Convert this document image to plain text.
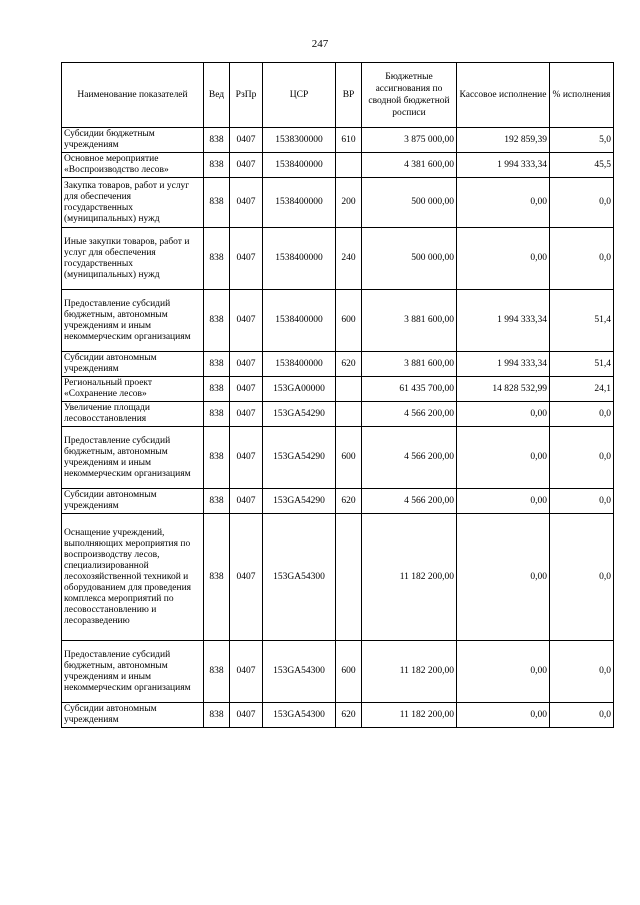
247
Наименование показателей	Вед	РзПр	ЦСР	ВР	Бюджетные ассигнования по сводной бюджетной росписи	Кассовое исполнение	% исполнения
Субсидии бюджетным учреждениям	838	0407	1538300000	610	3 875 000,00	192 859,39	5,0
Основное мероприятие «Воспроизводство лесов»	838	0407	1538400000		4 381 600,00	1 994 333,34	45,5
Закупка товаров, работ и услуг для обеспечения государственных (муниципальных) нужд	838	0407	1538400000	200	500 000,00	0,00	0,0
Иные закупки товаров, работ и услуг для обеспечения государственных (муниципальных) нужд	838	0407	1538400000	240	500 000,00	0,00	0,0
Предоставление субсидий бюджетным, автономным учреждениям и иным некоммерческим организациям	838	0407	1538400000	600	3 881 600,00	1 994 333,34	51,4
Субсидии автономным учреждениям	838	0407	1538400000	620	3 881 600,00	1 994 333,34	51,4
Региональный проект «Сохранение лесов»	838	0407	153GA00000		61 435 700,00	14 828 532,99	24,1
Увеличение площади лесовосстановления	838	0407	153GA54290		4 566 200,00	0,00	0,0
Предоставление субсидий бюджетным, автономным учреждениям и иным некоммерческим организациям	838	0407	153GA54290	600	4 566 200,00	0,00	0,0
Субсидии автономным учреждениям	838	0407	153GA54290	620	4 566 200,00	0,00	0,0
Оснащение учреждений, выполняющих мероприятия по воспроизводству лесов, специализированной лесохозяйственной техникой и оборудованием для проведения комплекса мероприятий по лесовосстановлению и лесоразведению	838	0407	153GA54300		11 182 200,00	0,00	0,0
Предоставление субсидий бюджетным, автономным учреждениям и иным некоммерческим организациям	838	0407	153GA54300	600	11 182 200,00	0,00	0,0
Субсидии автономным учреждениям	838	0407	153GA54300	620	11 182 200,00	0,00	0,0
